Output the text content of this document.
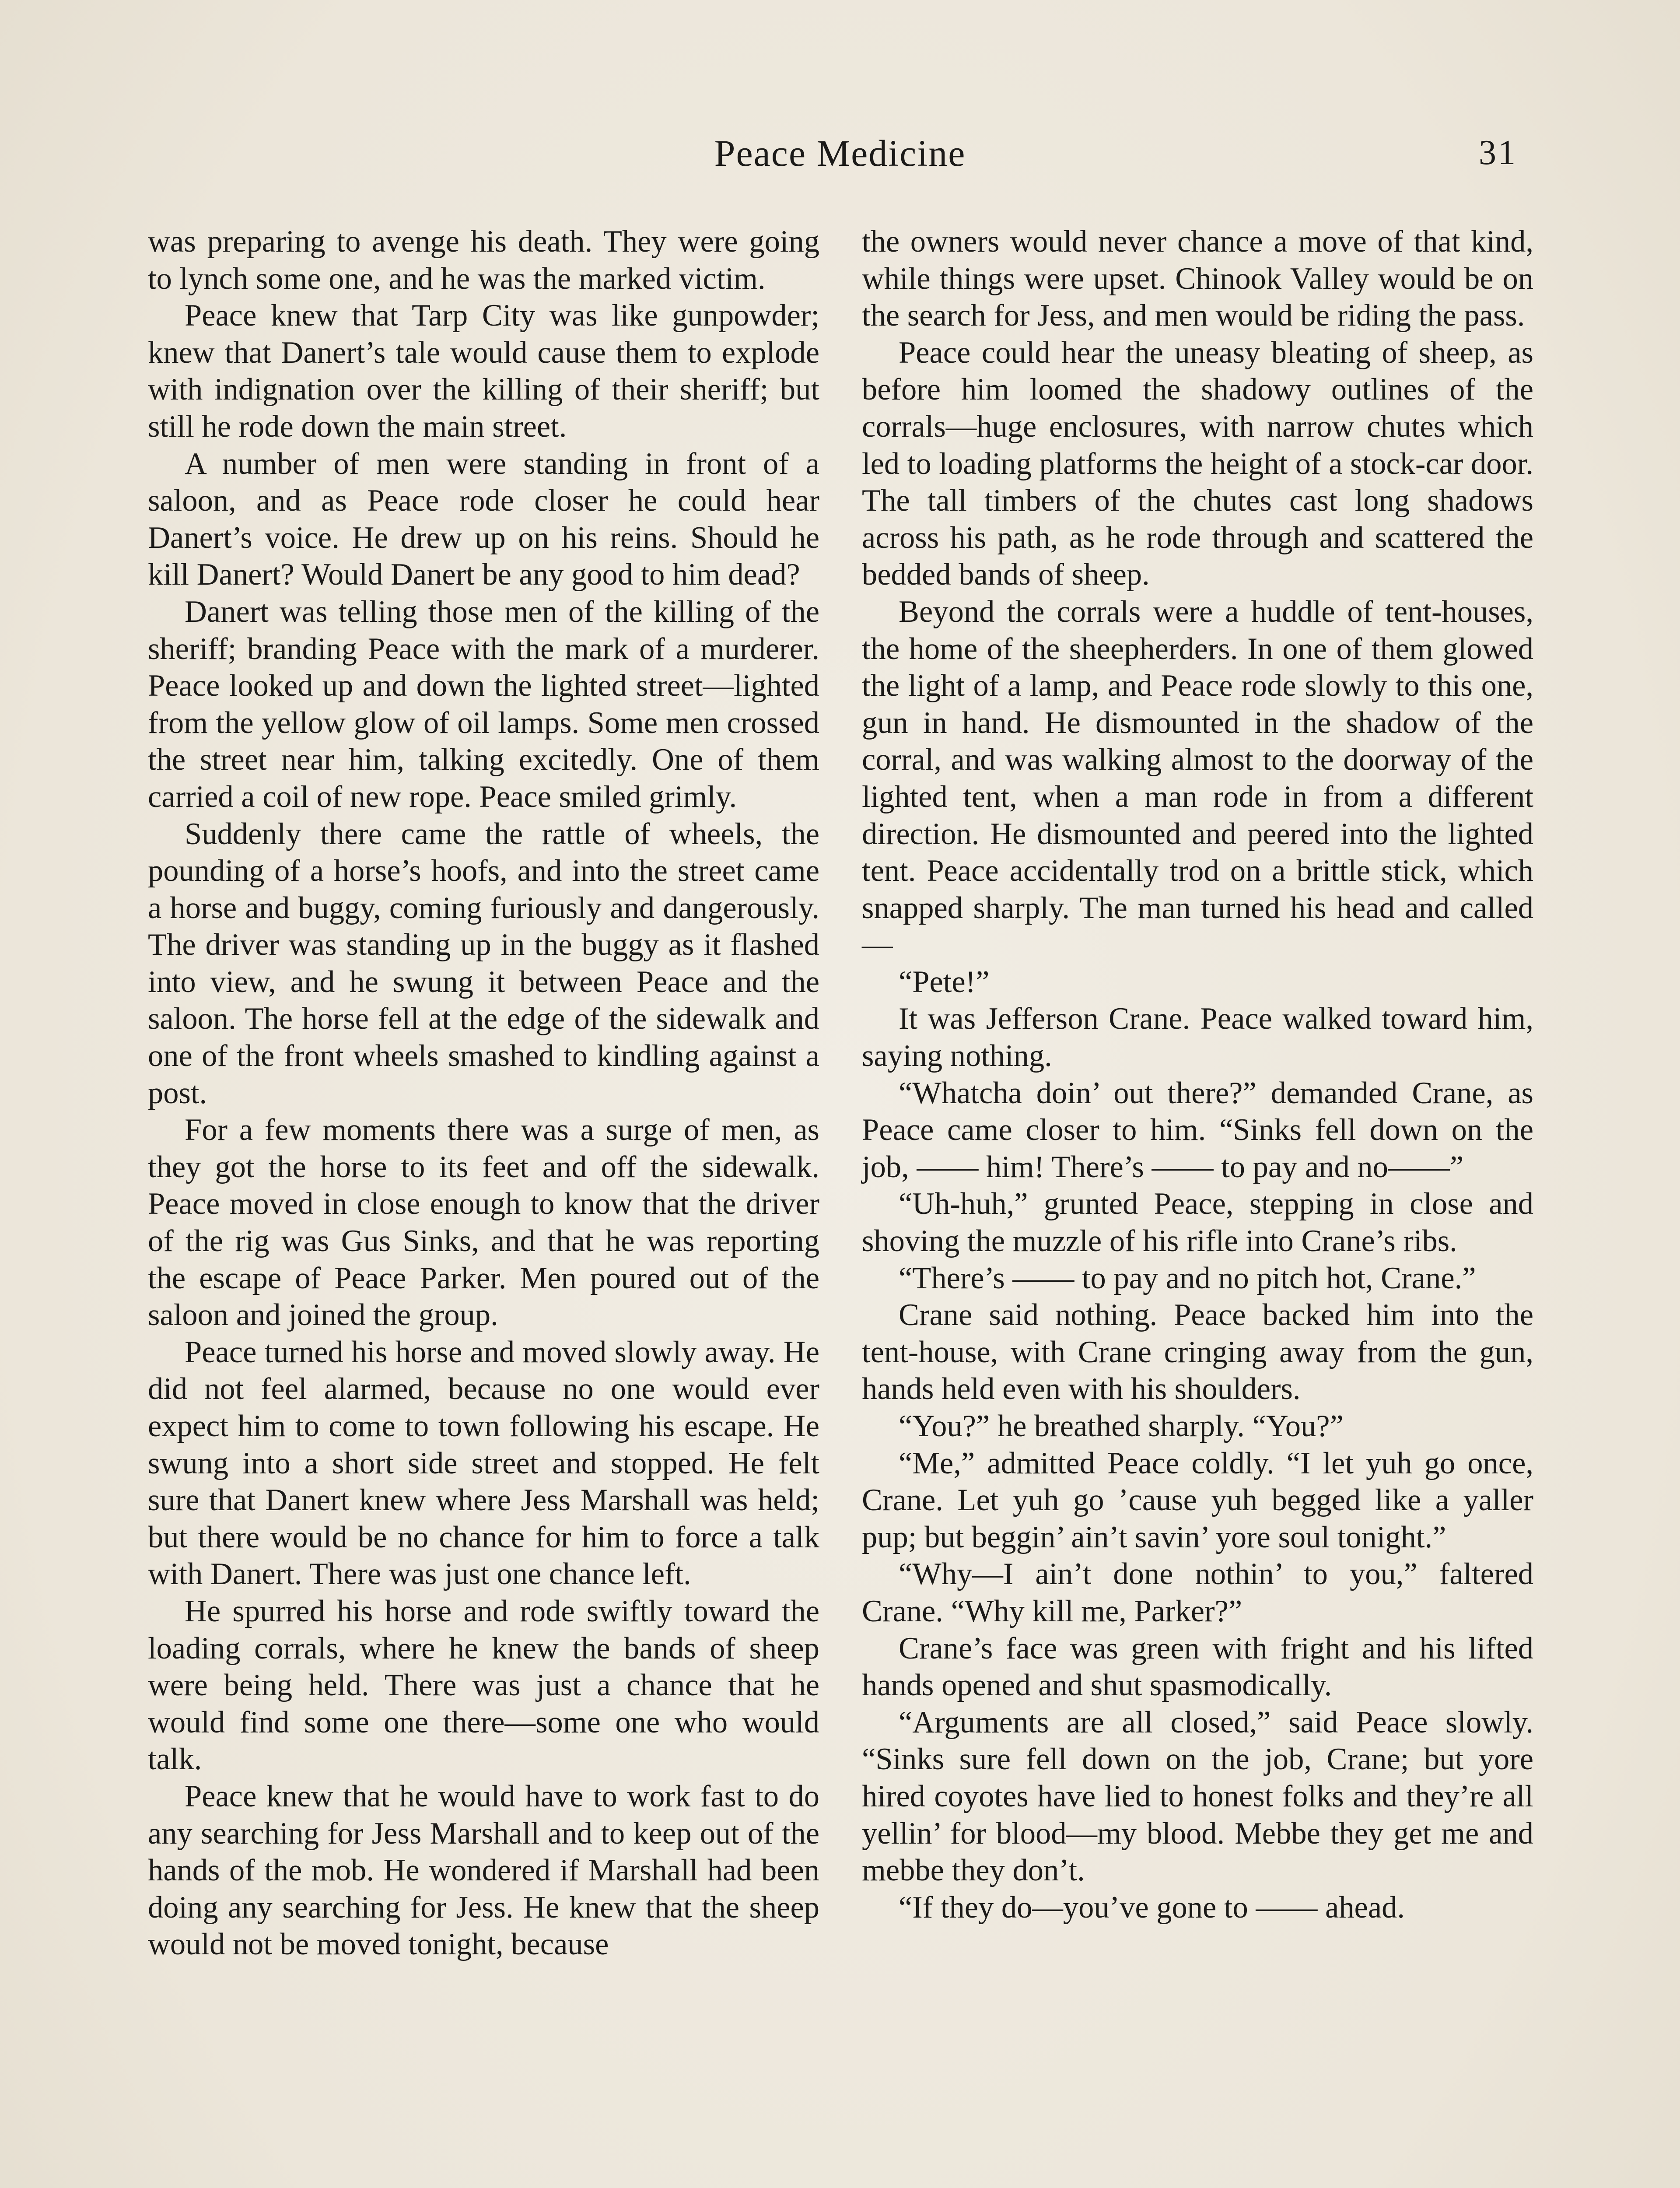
Peace Medicine	31

was preparing to avenge his death. They were going to lynch some one, and he was the marked victim.

Peace knew that Tarp City was like gunpowder; knew that Danert’s tale would cause them to explode with indignation over the killing of their sheriff; but still he rode down the main street.

A number of men were standing in front of a saloon, and as Peace rode closer he could hear Danert’s voice. He drew up on his reins. Should he kill Danert? Would Danert be any good to him dead?

Danert was telling those men of the killing of the sheriff; branding Peace with the mark of a murderer. Peace looked up and down the lighted street—lighted from the yellow glow of oil lamps. Some men crossed the street near him, talking excitedly. One of them carried a coil of new rope. Peace smiled grimly.

Suddenly there came the rattle of wheels, the pounding of a horse’s hoofs, and into the street came a horse and buggy, coming furiously and dangerously. The driver was standing up in the buggy as it flashed into view, and he swung it between Peace and the saloon. The horse fell at the edge of the sidewalk and one of the front wheels smashed to kindling against a post.

For a few moments there was a surge of men, as they got the horse to its feet and off the sidewalk. Peace moved in close enough to know that the driver of the rig was Gus Sinks, and that he was reporting the escape of Peace Parker. Men poured out of the saloon and joined the group.

Peace turned his horse and moved slowly away. He did not feel alarmed, because no one would ever expect him to come to town following his escape. He swung into a short side street and stopped. He felt sure that Danert knew where Jess Marshall was held; but there would be no chance for him to force a talk with Danert. There was just one chance left.

He spurred his horse and rode swiftly toward the loading corrals, where he knew the bands of sheep were being held. There was just a chance that he would find some one there—some one who would talk.

Peace knew that he would have to work fast to do any searching for Jess Marshall and to keep out of the hands of the mob. He wondered if Marshall had been doing any searching for Jess. He knew that the sheep would not be moved tonight, because

the owners would never chance a move of that kind, while things were upset. Chinook Valley would be on the search for Jess, and men would be riding the pass.

Peace could hear the uneasy bleating of sheep, as before him loomed the shadowy outlines of the corrals—huge enclosures, with narrow chutes which led to loading platforms the height of a stock-car door. The tall timbers of the chutes cast long shadows across his path, as he rode through and scattered the bedded bands of sheep.

Beyond the corrals were a huddle of tent-houses, the home of the sheepherders. In one of them glowed the light of a lamp, and Peace rode slowly to this one, gun in hand. He dismounted in the shadow of the corral, and was walking almost to the doorway of the lighted tent, when a man rode in from a different direction. He dismounted and peered into the lighted tent. Peace accidentally trod on a brittle stick, which snapped sharply. The man turned his head and called—

“Pete!”

It was Jefferson Crane. Peace walked toward him, saying nothing.

“Whatcha doin’ out there?” demanded Crane, as Peace came closer to him. “Sinks fell down on the job, —— him! There’s —— to pay and no——”

“Uh-huh,” grunted Peace, stepping in close and shoving the muzzle of his rifle into Crane’s ribs.

“There’s —— to pay and no pitch hot, Crane.”

Crane said nothing. Peace backed him into the tent-house, with Crane cringing away from the gun, hands held even with his shoulders.

“You?” he breathed sharply. “You?”

“Me,” admitted Peace coldly. “I let yuh go once, Crane. Let yuh go ’cause yuh begged like a yaller pup; but beggin’ ain’t savin’ yore soul tonight.”

“Why—I ain’t done nothin’ to you,” faltered Crane. “Why kill me, Parker?”

Crane’s face was green with fright and his lifted hands opened and shut spasmodically.

“Arguments are all closed,” said Peace slowly. “Sinks sure fell down on the job, Crane; but yore hired coyotes have lied to honest folks and they’re all yellin’ for blood—my blood. Mebbe they get me and mebbe they don’t.

“If they do—you’ve gone to —— ahead.
